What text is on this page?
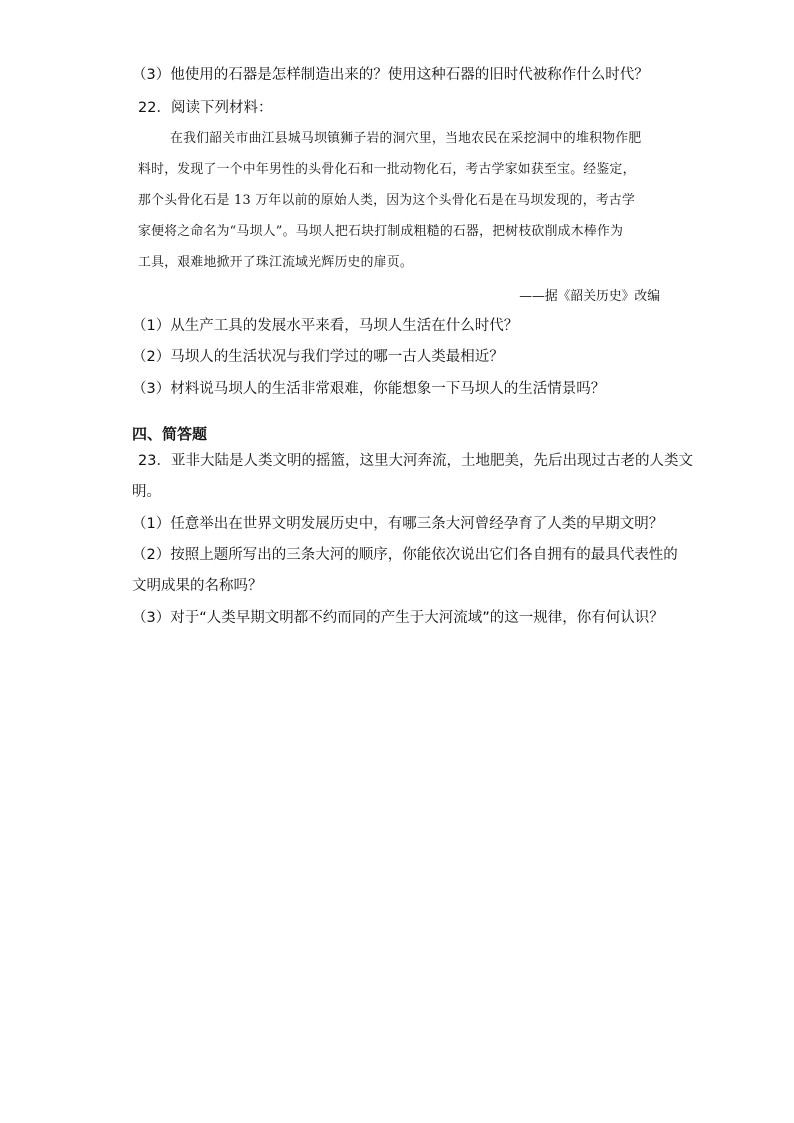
（3）他使用的石器是怎样制造出来的？使用这种石器的旧时代被称作什么时代？
22．阅读下列材料：
在我们韶关市曲江县城马坝镇狮子岩的洞穴里，当地农民在采挖洞中的堆积物作肥
料时，发现了一个中年男性的头骨化石和一批动物化石，考古学家如获至宝。经鉴定，
那个头骨化石是 13 万年以前的原始人类，因为这个头骨化石是在马坝发现的，考古学
家便将之命名为“马坝人”。马坝人把石块打制成粗糙的石器，把树枝砍削成木棒作为
工具，艰难地掀开了珠江流域光辉历史的扉页。
——据《韶关历史》改编
（1）从生产工具的发展水平来看，马坝人生活在什么时代？
（2）马坝人的生活状况与我们学过的哪一古人类最相近？
（3）材料说马坝人的生活非常艰难，你能想象一下马坝人的生活情景吗？
四、简答题
23．亚非大陆是人类文明的摇篮，这里大河奔流，土地肥美，先后出现过古老的人类文
明。
（1）任意举出在世界文明发展历史中，有哪三条大河曾经孕育了人类的早期文明？
（2）按照上题所写出的三条大河的顺序，你能依次说出它们各自拥有的最具代表性的
文明成果的名称吗？
（3）对于“人类早期文明都不约而同的产生于大河流域”的这一规律，你有何认识？
